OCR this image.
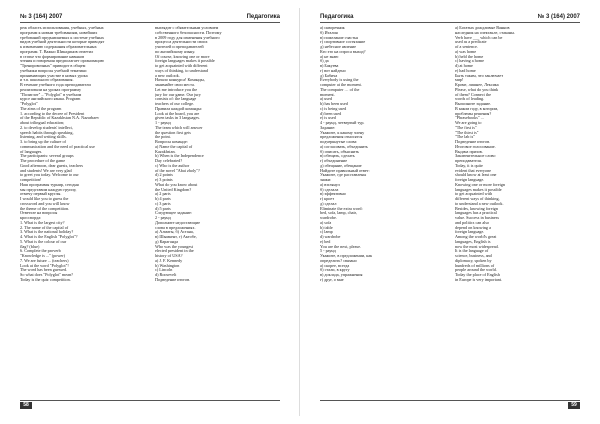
№ 3 (164) 2007	Педагогика

реж область использования, учебных, учебных

программ к новым требованиям, новейших

требований предъявляемых к системе учебных

видов учебной деятельности которые приводят

к изменению содержания образовательных

программ. Т. Важно Шикадинов отметил

в статье что формирование навыков

чтения и говорения предполагает организацию

"Тренировочных" приводит в общем

учебники вопросы учебной тематики

принимающих участие в новых урока

и т.п. школьного образования.

В течение учебного года преподаватели

реализовали на уроках программу

"Полиглот" – "Polyglot" в учебном

курсе английского языка. Program

"Polyglot"

The aims of the program

1. according to the decree of President

of the Republic of Kazakhstan N.A. Nazarbaev

about trilingual education;

2. to develop students' intellect,

speech habits through speaking,

listening, and writing skills.

3. to bring up the culture of

communication and the need of practical use

of languages.

The participants: several groups

The procedure of the game

Good afternoon, dear guests, teachers

and students! We are very glad

to greet you today. Welcome to our

competition!

Наш программы турнир, сегодня

мы представим каждую группу,

отмечу первый круглы.

I would like you to guess the

crossword and you will know

the theme of the competition.

Ответьте на вопросы

кроссворда:

1. What is the largest city?

2. The name of the capital of

3. What is the national holiday?

4. What is the English "Polyglot"?

5. What is the colour of our

flag? (blue)

6. Complete the proverb

"Knowledge is ..." (power)

7. We are future ... (teachers)

Look at the word "Polyglot"!

The word has been guessed.

So what does "Polyglot" mean?

Today is the quiz competition.

выглядит с обязательным условием

собственного безопасности. Поэтому

в 2009 году для изменения учебного

процесса деятельности своих

учителей и преподавателей

по английскому языку.

Of course, knowing one or more

foreign languages makes it possible

to get acquainted with different

ways of thinking, to understand

a new outlook.

Начало конкурса! Команды,

занимайте свои места.

Let me introduce you the

jury for our game. Our jury

consists of: the language

teachers of our college.

Правила каждой команды:

Look at the board, you are

given tasks in 3 languages.

1 - раунд

The team which will answer

the question first gets

the point.

Вопросы команде:

a) Name the capital of

Kazakhstan.

b) When is the Independence

Day celebrated?

c) Who is the author

of the novel "Abai zholy"?

d) 2 points

e) 3 points

What do you know about

the United Kingdom?

a) 2 parts

b) 4 parts

c) 3 parts

d) 5 parts

Следующее задание:

2 - раунд

Дополните недостающие

слова в предложениях.

а) Алматы, б) Астана,

в) Шымкент, г) Актобе,

д) Караганда

Who was the youngest

elected president in the

history of USA?

a) J. F. Kennedy

b) Washington

c) Lincoln

d) Roosevelt

Подведение итогов.

58
Педагогика	№ 3 (164) 2007

а) скворечник

б) Италия

в) пожелание счастья

г) спортивное состязание

д) небесное явление

Кто это на опроса выход?

а) не знаю

б) да

в) Бакуева

г) вот найдено

д) Бабича

Everybody is using the

computer at the moment.

The computer … of the

moment.

a) used

b) has been used

c) is being used

d) been used

e) is used

4 - раунд, четвертый тур.

Задание:

Укажите, к какому члену

предложения относятся

подчеркнутые слова:

а) согласовать, объединить

б) описать, объяснить

в) обещать, сделать

г) объединение

д) обещание, обещание

Найдите правильный ответ:

Укажите, где расставлены

знаки:

а) взглянул

б) сделала

в) эффективно

г) кроет

д) сделал

Eliminate the extra word:

bed, sofa, lamp, chair,

wardrobe.

a) sofa

b) table

c) lamp

d) wardrobe

e) bed

You are the next, please.

5 - раунд

Укажите, в предложении, как

определить? связано

а) скорее, всегда

б) стали, в кругу

в) доклада, упражнения

г) друг, о мне

а) Богатых дождливые Ваннов

наследник на спектакле, стаканы.

Verb have ___ which can be

used as a predicate

of a sentence.

a) was home

b) held the home

c) having a home

d) at home

e) had home

Быть таким, что заключает

мир!

Кроме, лишнее, Лексика

Please, what do you think

of them? Connect the

words of leading.

Выполните задание.

В каком году, в котором,

проблемы решения?

"Phrasebooks" ...

We are going to

"The first is"

"The thirst is"

"The lab is"

Подведение итогов.

Итоговое голосование.

Выдача призов.

Заключительное слово

преподавателя.

Today, it is quite

evident that everyone

should know at least one

foreign language.

Knowing one or more foreign

languages makes it possible

to get acquainted with

different ways of thinking,

to understand a new outlook.

Besides, knowing foreign

languages has a practical

value. Success in business

and politics can also

depend on knowing a

foreign language.

Among the world's great

languages, English is

now the most widespread.

It is the language of

science, business, and

diplomacy, spoken by

hundreds of millions of

people around the world.

Today the place of English

in Europe is very important.

59
